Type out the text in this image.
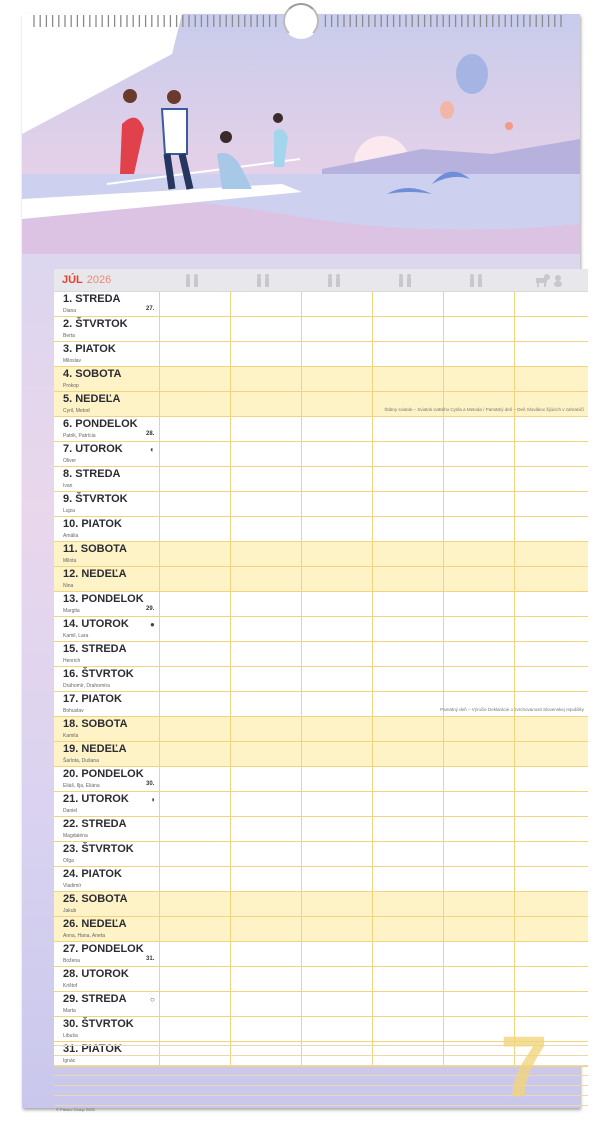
JÚL 2026
1. STREDA
Diana	27.
2. ŠTVRTOK
Berta
3. PIATOK
Miloslav
4. SOBOTA
Prokop
5. NEDEĽA
Cyril, Metod	Štátny sviatok – Sviatok svätého Cyrila a Metoda / Pamätný deň – Deň Slovákov žijúcich v zahraničí
6. PONDELOK
Patrik, Patrícia	28.
7. UTOROK
Oliver
◐
8. STREDA
Ivan
9. ŠTVRTOK
Lujza
10. PIATOK
Amália
11. SOBOTA
Milota
12. NEDEĽA
Nina
13. PONDELOK
Margita	29.
14. UTOROK
Kamil, Lara
●
15. STREDA
Henrich
16. ŠTVRTOK
Drahomír, Drahomíra
17. PIATOK
Bohuslav	Pamätný deň – Výročie Deklarácie o zvrchovanosti Slovenskej republiky
18. SOBOTA
Kamila
19. NEDEĽA
Šarlota, Dušana
20. PONDELOK
Eliáš, Ilja, Eliána	30.
21. UTOROK
Daniel
◑
22. STREDA
Magdaléna
23. ŠTVRTOK
Oľga
24. PIATOK
Vladimír
25. SOBOTA
Jakub
26. NEDEĽA
Anna, Hana, Aneta
27. PONDELOK
Božena	31.
28. UTOROK
Krištof
29. STREDA
Marta
○
30. ŠTVRTOK
Libuša
31. PIATOK
Ignác	7
© Presco Group 2025
